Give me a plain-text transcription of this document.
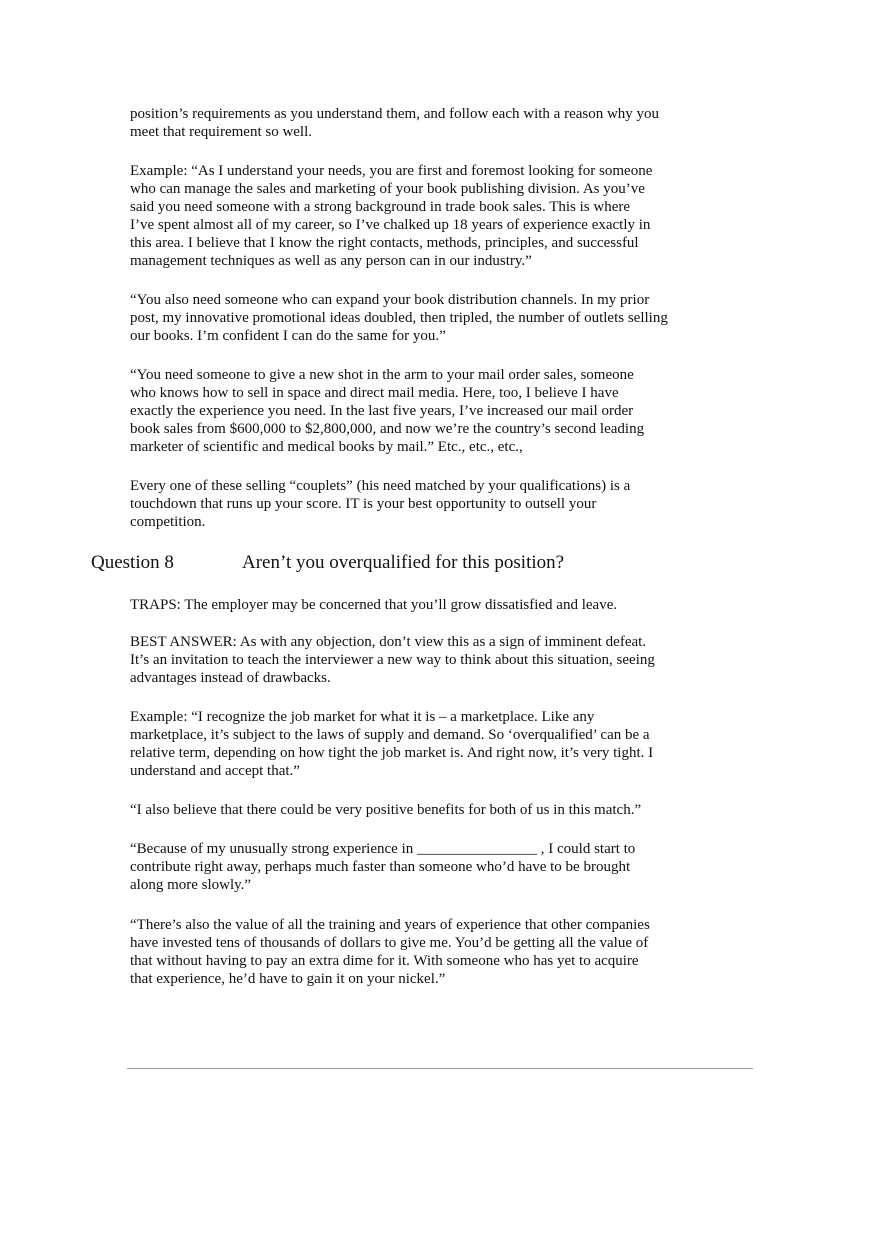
position’s requirements as you understand them, and follow each with a reason why you
meet that requirement so well.

Example: “As I understand your needs, you are first and foremost looking for someone
who can manage the sales and marketing of your book publishing division. As you’ve
said you need someone with a strong background in trade book sales. This is where
I’ve spent almost all of my career, so I’ve chalked up 18 years of experience exactly in
this area. I believe that I know the right contacts, methods, principles, and successful
management techniques as well as any person can in our industry.”

“You also need someone who can expand your book distribution channels. In my prior
post, my innovative promotional ideas doubled, then tripled, the number of outlets selling
our books. I’m confident I can do the same for you.”

“You need someone to give a new shot in the arm to your mail order sales, someone
who knows how to sell in space and direct mail media. Here, too, I believe I have
exactly the experience you need. In the last five years, I’ve increased our mail order
book sales from $600,000 to $2,800,000, and now we’re the country’s second leading
marketer of scientific and medical books by mail.” Etc., etc., etc.,

Every one of these selling “couplets” (his need matched by your qualifications) is a
touchdown that runs up your score. IT is your best opportunity to outsell your
competition.

Question 8	Aren’t you overqualified for this position?

TRAPS: The employer may be concerned that you’ll grow dissatisfied and leave.

BEST ANSWER: As with any objection, don’t view this as a sign of imminent defeat.
It’s an invitation to teach the interviewer a new way to think about this situation, seeing
advantages instead of drawbacks.

Example: “I recognize the job market for what it is – a marketplace. Like any
marketplace, it’s subject to the laws of supply and demand. So ‘overqualified’ can be a
relative term, depending on how tight the job market is. And right now, it’s very tight. I
understand and accept that.”

“I also believe that there could be very positive benefits for both of us in this match.”

“Because of my unusually strong experience in ________________ , I could start to
contribute right away, perhaps much faster than someone who’d have to be brought
along more slowly.”

“There’s also the value of all the training and years of experience that other companies
have invested tens of thousands of dollars to give me. You’d be getting all the value of
that without having to pay an extra dime for it. With someone who has yet to acquire
that experience, he’d have to gain it on your nickel.”
